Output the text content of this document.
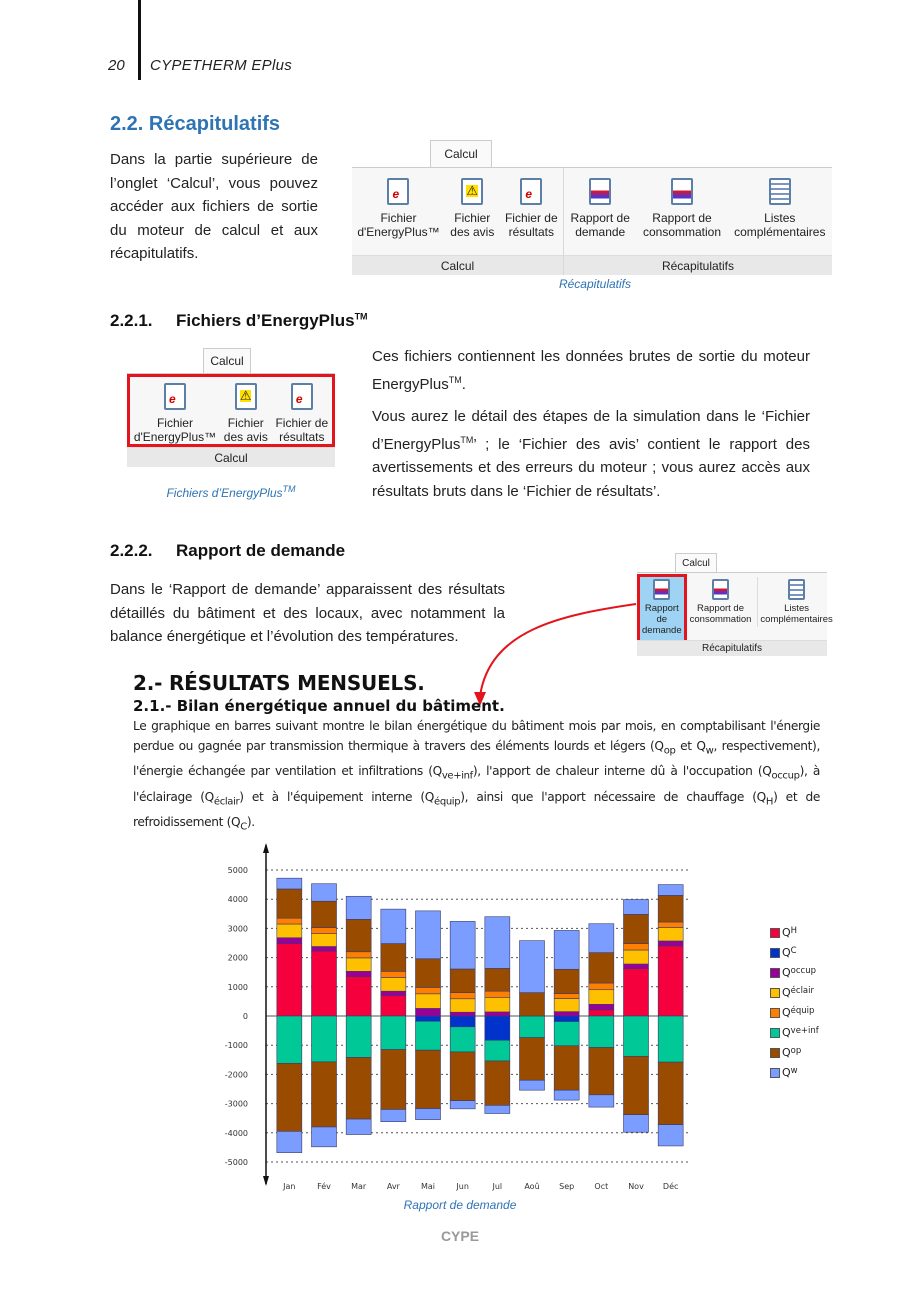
20 CYPETHERM EPlus
2.2. Récapitulatifs
Dans la partie supérieure de l’onglet ‘Calcul’, vous pouvez accéder aux fichiers de sortie du moteur de calcul et aux récapitulatifs.
Calcul
e
Fichier
d'EnergyPlus™
⚠
Fichier
des avis
e
Fichier de
résultats
Calcul
Rapport de
demande
Rapport de
consommation
Listes
complémentaires
Récapitulatifs
Récapitulatifs
2.2.1. Fichiers d’EnergyPlus™
Calcul
e
Fichier
d'EnergyPlus™
⚠
Fichier
des avis
e
Fichier de
résultats
Calcul
Fichiers d’EnergyPlus™

Ces fichiers contiennent les données brutes de sortie du moteur EnergyPlus™.

Vous aurez le détail des étapes de la simulation dans le ‘Fichier d’EnergyPlus™’ ; le ‘Fichier des avis’ contient le rapport des avertissements et des erreurs du moteur ; vous aurez accès aux résultats bruts dans le ‘Fichier de résultats’.

2.2.2. Rapport de demande
Dans le ‘Rapport de demande’ apparaissent des résultats détaillés du bâtiment et des locaux, avec notamment la balance énergétique et l’évolution des températures.
Calcul
Rapport de
demande
Rapport de
consommation
Listes
complémentaires
Récapitulatifs
2.- RÉSULTATS MENSUELS.
2.1.- Bilan énergétique annuel du bâtiment.
Le graphique en barres suivant montre le bilan énergétique du bâtiment mois par mois, en comptabilisant l'énergie perdue ou gagnée par transmission thermique à travers des éléments lourds et légers ($Q_{op}$ et $Q_w$, respectivement), l'énergie échangée par ventilation et infiltrations $(Q_{ve+inf})$, l'apport de chaleur interne dû à l'occupation $(Q_{occup})$, à l'éclairage $(Q_{éclair})$ et à l'équipement interne $(Q_{équip})$, ainsi que l'apport nécessaire de chauffage $(Q_H)$ et de refroidissement $(Q_C)$.
5000
4000
3000
2000
1000
0
-1000
-2000
-3000
-4000
-5000
Jan	Fév	Mar	Avr	Mai	Jun	Jul	Aoû Sep	Oct Nov Déc
Q H
Q C
Q occup
Q éclair
Q équip
Q ve+inf
Q op
Q w
Rapport de demande
CYPE
